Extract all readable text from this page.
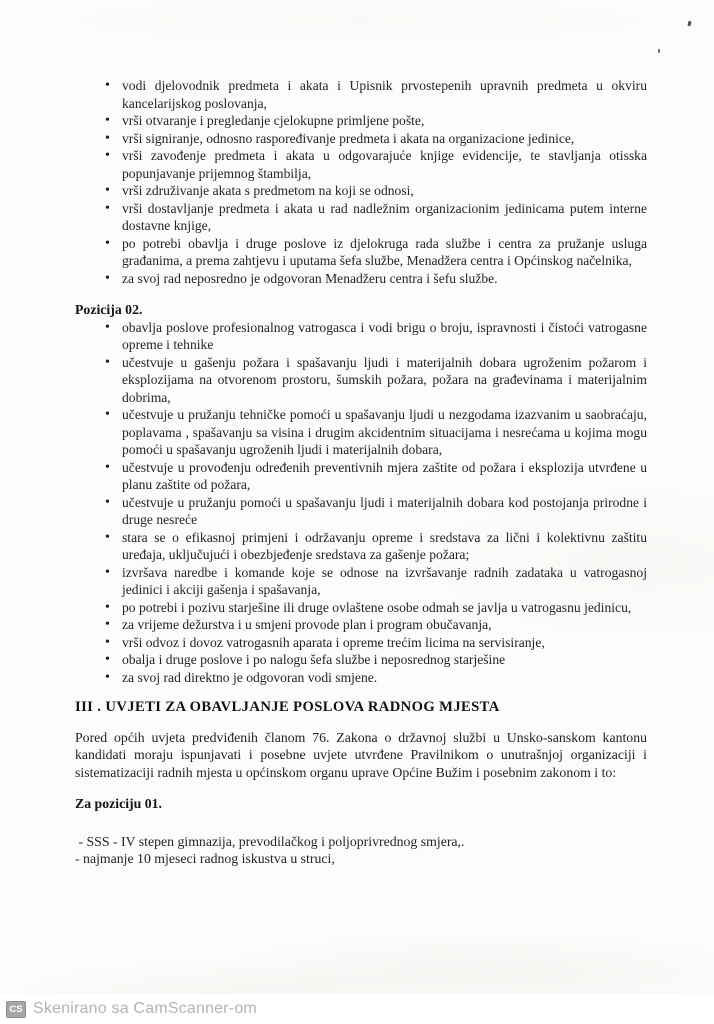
• vodi djelovodnik predmeta i akata i Upisnik prvostepenih upravnih predmeta u okviru kancelarijskog poslovanja,
• vrši otvaranje i pregledanje cjelokupne primljene pošte,
• vrši signiranje, odnosno raspoređivanje predmeta i akata na organizacione jedinice,
• vrši zavođenje predmeta i akata u odgovarajuće knjige evidencije, te stavljanja otisska popunjavanje prijemnog štambilja,
• vrši združivanje akata s predmetom na koji se odnosi,
• vrši dostavljanje predmeta i akata u rad nadležnim organizacionim jedinicama putem interne dostavne knjige,
• po potrebi obavlja i druge poslove iz djelokruga rada službe i centra za pružanje usluga građanima, a prema zahtjevu i uputama šefa službe, Menadžera centra i Općinskog načelnika,
• za svoj rad neposredno je odgovoran Menadžeru centra i šefu službe.

Pozicija 02.

• obavlja poslove profesionalnog vatrogasca i vodi brigu o broju, ispravnosti i čistoći vatrogasne opreme i tehnike
• učestvuje u gašenju požara i spašavanju ljudi i materijalnih dobara ugroženim požarom i eksplozijama na otvorenom prostoru, šumskih požara, požara na građevinama i materijalnim dobrima,
• učestvuje u pružanju tehničke pomoći u spašavanju ljudi u nezgodama izazvanim u saobraćaju, poplavama , spašavanju sa visina i drugim akcidentnim situacijama i nesrećama u kojima mogu pomoći u spašavanju ugroženih ljudi i materijalnih dobara,
• učestvuje u provođenju određenih preventivnih mjera zaštite od požara i eksplozija utvrđene u planu zaštite od požara,
• učestvuje u pružanju pomoći u spašavanju ljudi i materijalnih dobara kod postojanja prirodne i druge nesreće
• stara se o efikasnoj primjeni i održavanju opreme i sredstava za lični i kolektivnu zaštitu uređaja, uključujući i obezbjeđenje sredstava za gašenje požara;
• izvršava naredbe i komande koje se odnose na izvršavanje radnih zadataka u vatrogasnoj jedinici i akciji gašenja i spašavanja,
• po potrebi i pozivu starješine ili druge ovlaštene osobe odmah se javlja u vatrogasnu jedinicu,
• za vrijeme dežurstva i u smjeni provode plan i program obučavanja,
• vrši odvoz i dovoz vatrogasnih aparata i opreme trećim licima na servisiranje,
• obalja i druge poslove i po nalogu šefa službe i neposrednog starješine
• za svoj rad direktno je odgovoran vodi smjene.

III . UVJETI ZA OBAVLJANJE POSLOVA RADNOG MJESTA

Pored općih uvjeta predviđenih članom 76. Zakona o državnoj službi u Unsko-sanskom kantonu kandidati moraju ispunjavati i posebne uvjete utvrđene Pravilnikom o unutrašnjoj organizaciji i sistematizaciji radnih mjesta u općinskom organu uprave Općine Bužim i posebnim zakonom i to:

Za poziciju 01.

- SSS - IV stepen gimnazija, prevodilačkog i poljoprivrednog smjera,.
- najmanje 10 mjeseci radnog iskustva u struci,
CS Skenirano sa CamScanner-om
